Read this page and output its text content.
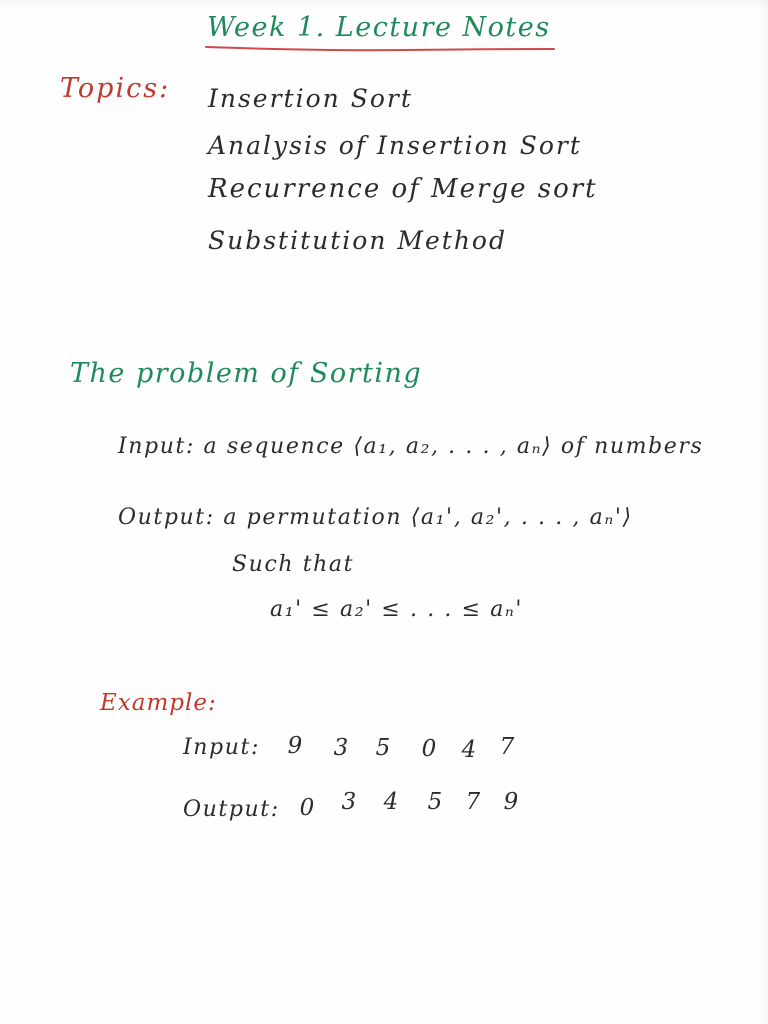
Week 1. Lecture Notes
Topics: Insertion Sort
Analysis of Insertion Sort
Recurrence of Merge sort
Substitution Method
The problem of Sorting
Input: a sequence ⟨a₁, a₂, . . . , aₙ⟩ of numbers
Output: a permutation ⟨a₁', a₂', . . . , aₙ'⟩
Such that
a₁' ≤ a₂' ≤ . . . ≤ aₙ'
Example:
Input: 9 3 5 0 4 7
Output: 0 3 4 5 7 9
